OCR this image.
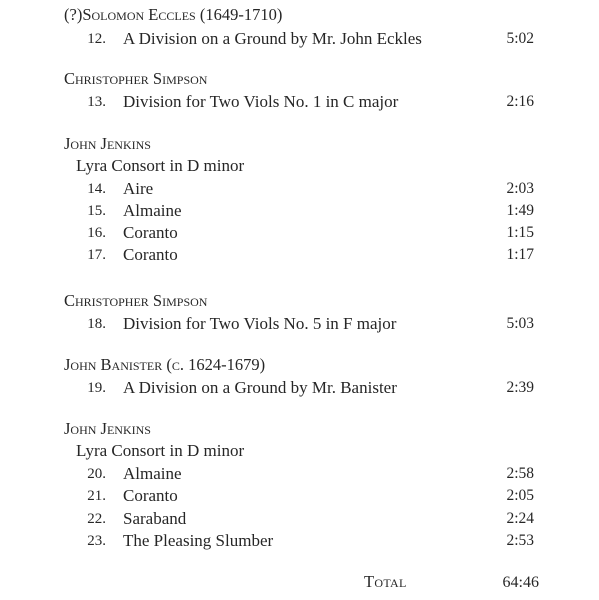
(?)Solomon Eccles (1649-1710)
12. A Division on a Ground by Mr. John Eckles	5:02
Christopher Simpson
13. Division for Two Viols No. 1 in C major	2:16
John Jenkins
Lyra Consort in D minor
14. Aire	2:03
15. Almaine	1:49
16. Coranto	1:15
17. Coranto	1:17
Christopher Simpson
18. Division for Two Viols No. 5 in F major	5:03
John Banister (c. 1624-1679)
19. A Division on a Ground by Mr. Banister	2:39
John Jenkins
Lyra Consort in D minor
20. Almaine	2:58
21. Coranto	2:05
22. Saraband	2:24
23. The Pleasing Slumber	2:53
Total	64:46
